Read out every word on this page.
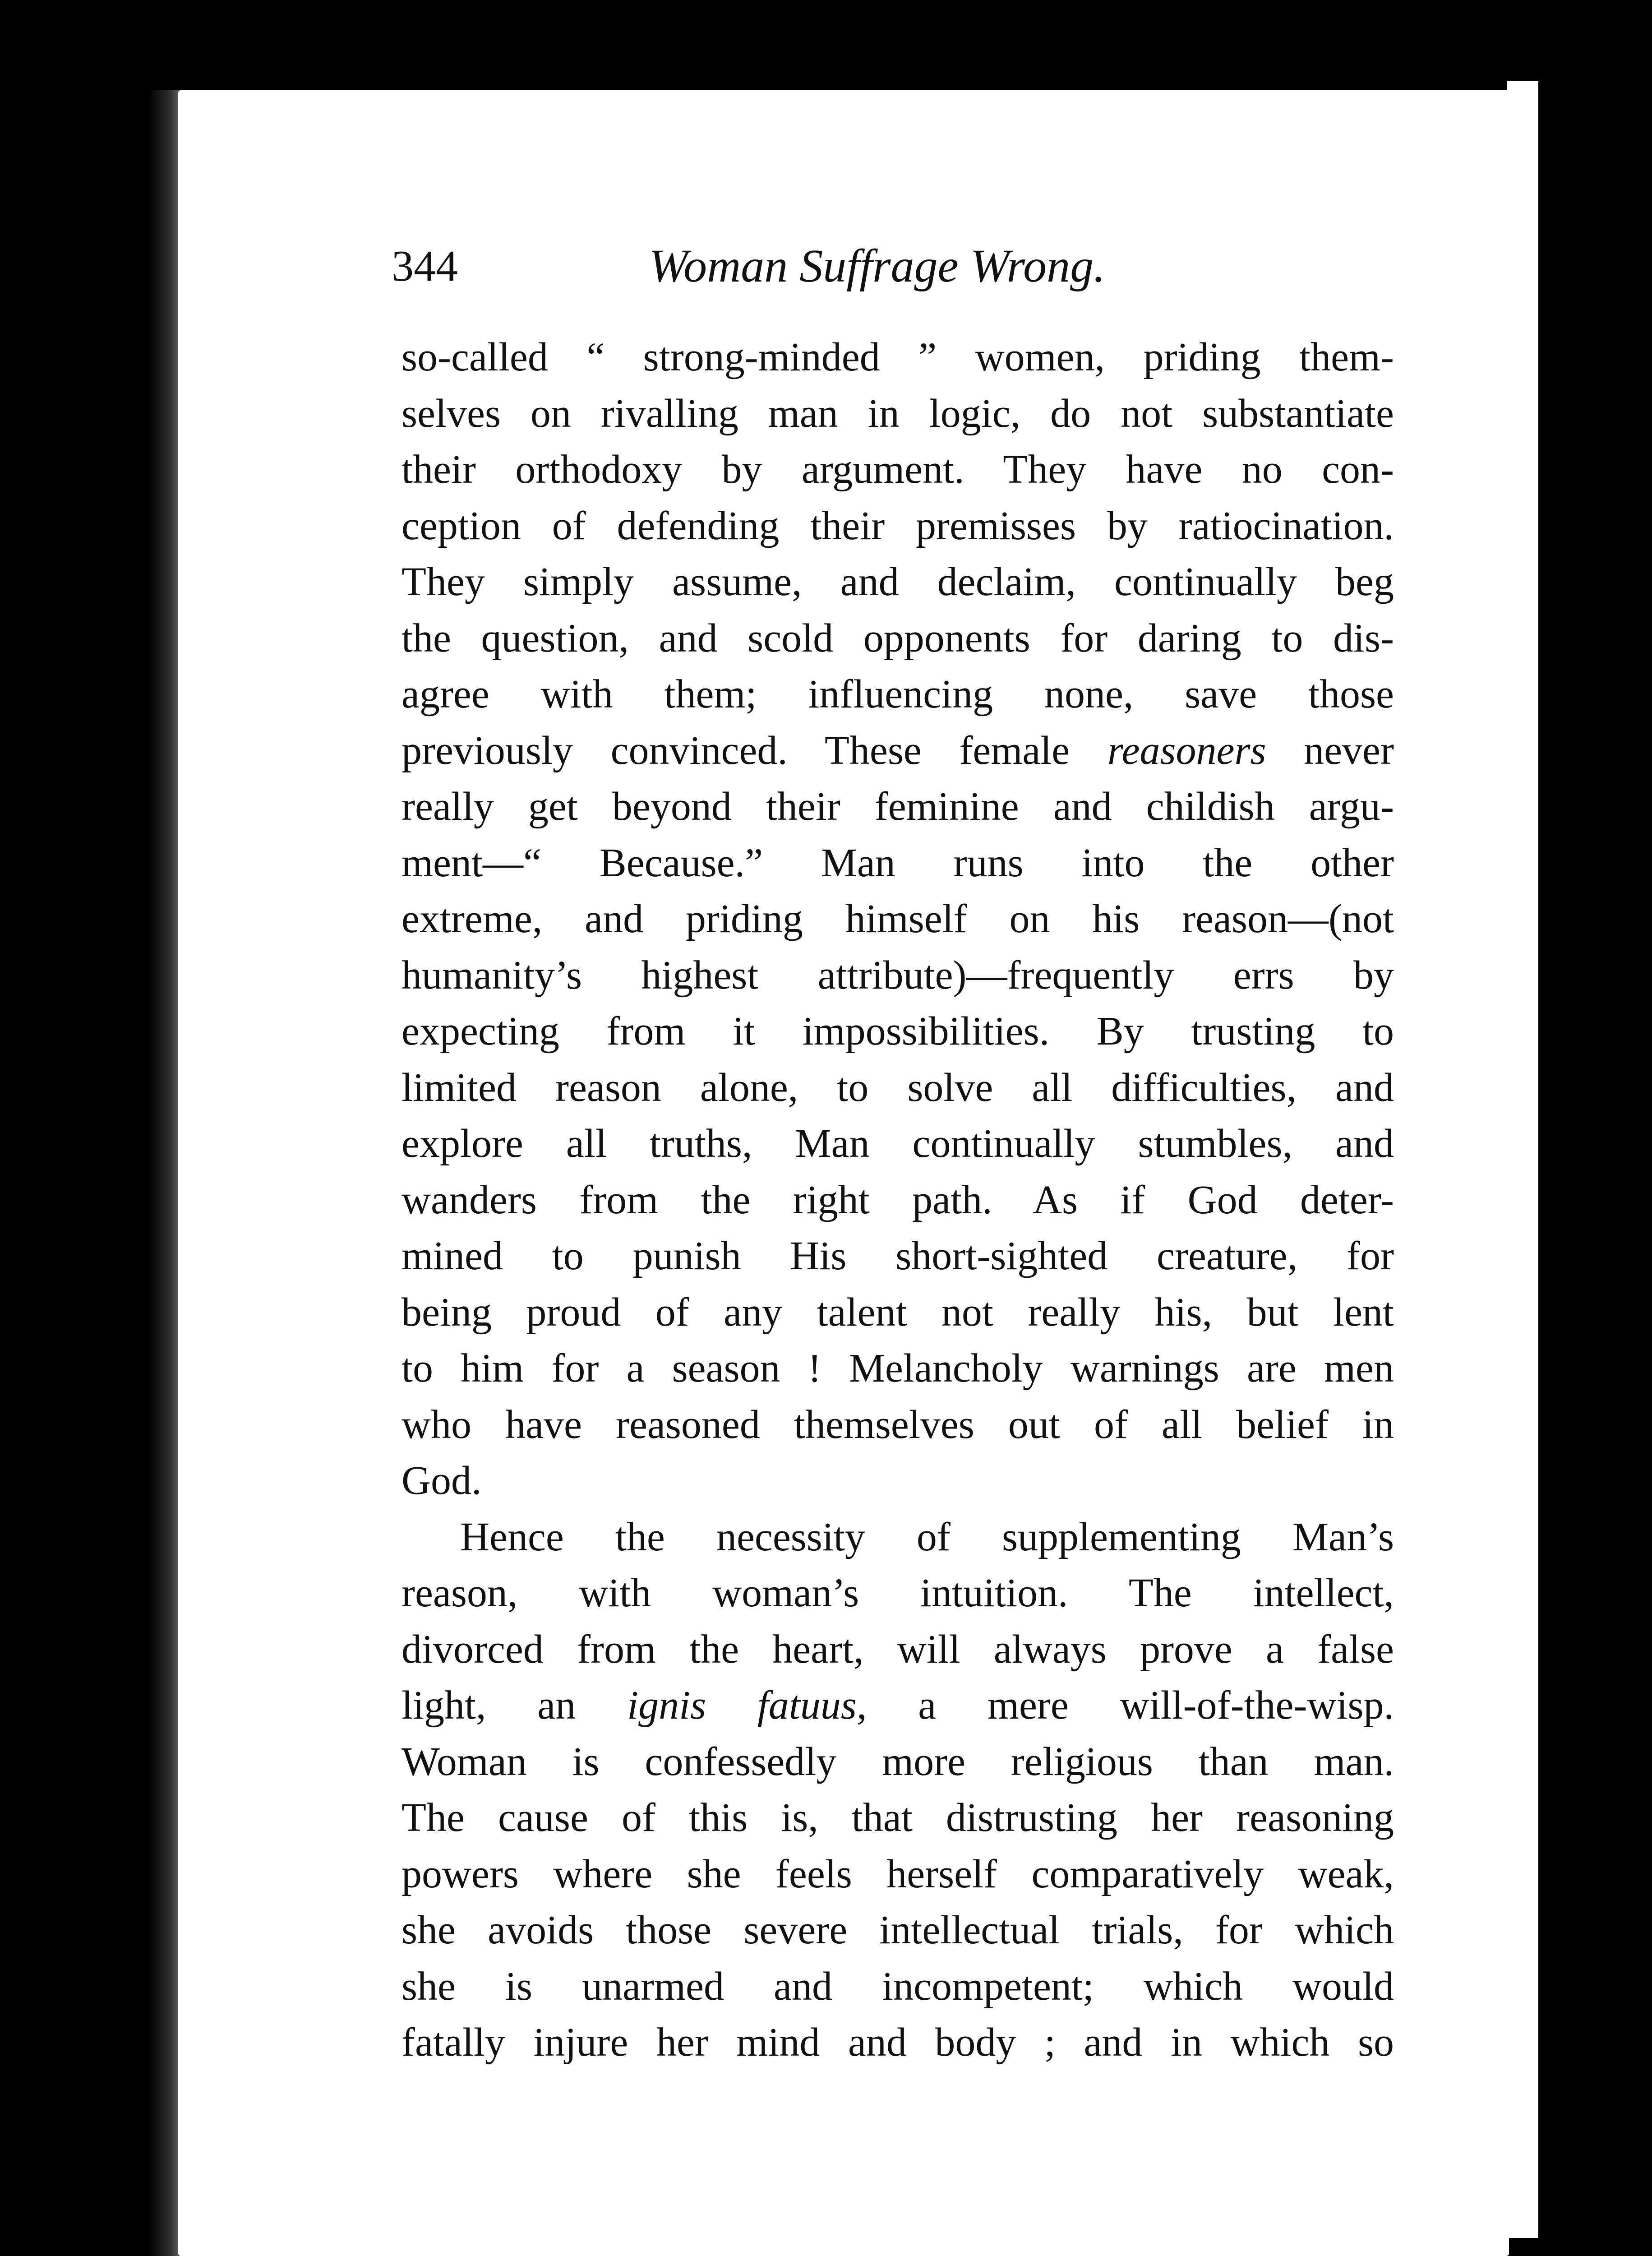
344	Woman Suffrage Wrong.
so-called “ strong-minded ” women, priding them-
selves on rivalling man in logic, do not substantiate
their orthodoxy by argument. They have no con-
ception of defending their premisses by ratiocination.
They simply assume, and declaim, continually beg
the question, and scold opponents for daring to dis-
agree with them; influencing none, save those
previously convinced. These female reasoners never
really get beyond their feminine and childish argu-
ment—“ Because.” Man runs into the other
extreme, and priding himself on his reason—(not
humanity’s highest attribute)—frequently errs by
expecting from it impossibilities. By trusting to
limited reason alone, to solve all difficulties, and
explore all truths, Man continually stumbles, and
wanders from the right path. As if God deter-
mined to punish His short-sighted creature, for
being proud of any talent not really his, but lent
to him for a season ! Melancholy warnings are men
who have reasoned themselves out of all belief in
God.
Hence the necessity of supplementing Man’s
reason, with woman’s intuition. The intellect,
divorced from the heart, will always prove a false
light, an ignis fatuus, a mere will-of-the-wisp.
Woman is confessedly more religious than man.
The cause of this is, that distrusting her reasoning
powers where she feels herself comparatively weak,
she avoids those severe intellectual trials, for which
she is unarmed and incompetent; which would
fatally injure her mind and body ; and in which so
